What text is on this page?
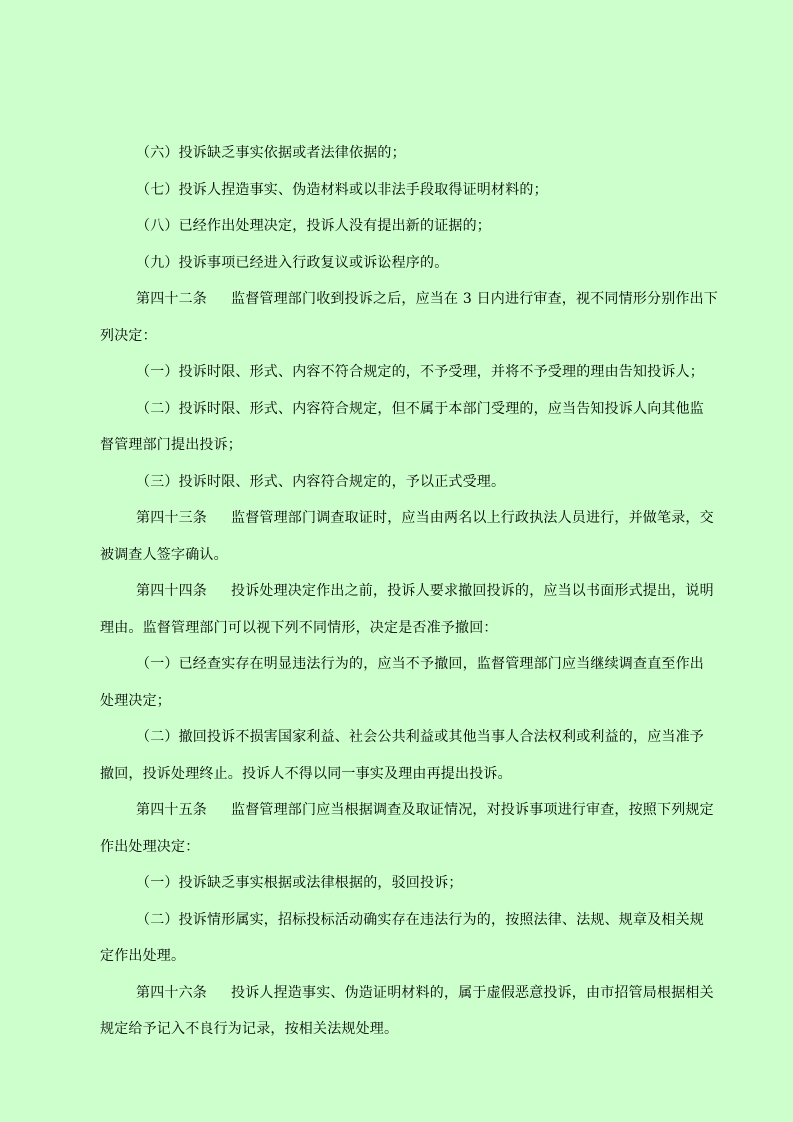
（六）投诉缺乏事实依据或者法律依据的；
（七）投诉人捏造事实、伪造材料或以非法手段取得证明材料的；
（八）已经作出处理决定，投诉人没有提出新的证据的；
（九）投诉事项已经进入行政复议或诉讼程序的。
第四十二条 监督管理部门收到投诉之后，应当在 3 日内进行审查，视不同情形分别作出下
列决定：
（一）投诉时限、形式、内容不符合规定的，不予受理，并将不予受理的理由告知投诉人；
（二）投诉时限、形式、内容符合规定，但不属于本部门受理的，应当告知投诉人向其他监
督管理部门提出投诉；
（三）投诉时限、形式、内容符合规定的，予以正式受理。
第四十三条 监督管理部门调查取证时，应当由两名以上行政执法人员进行，并做笔录，交
被调查人签字确认。
第四十四条 投诉处理决定作出之前，投诉人要求撤回投诉的，应当以书面形式提出，说明
理由。监督管理部门可以视下列不同情形，决定是否准予撤回：
（一）已经查实存在明显违法行为的，应当不予撤回，监督管理部门应当继续调查直至作出
处理决定；
（二）撤回投诉不损害国家利益、社会公共利益或其他当事人合法权利或利益的，应当准予
撤回，投诉处理终止。投诉人不得以同一事实及理由再提出投诉。
第四十五条 监督管理部门应当根据调查及取证情况，对投诉事项进行审查，按照下列规定
作出处理决定：
（一）投诉缺乏事实根据或法律根据的，驳回投诉；
（二）投诉情形属实，招标投标活动确实存在违法行为的，按照法律、法规、规章及相关规
定作出处理。
第四十六条 投诉人捏造事实、伪造证明材料的，属于虚假恶意投诉，由市招管局根据相关
规定给予记入不良行为记录，按相关法规处理。
